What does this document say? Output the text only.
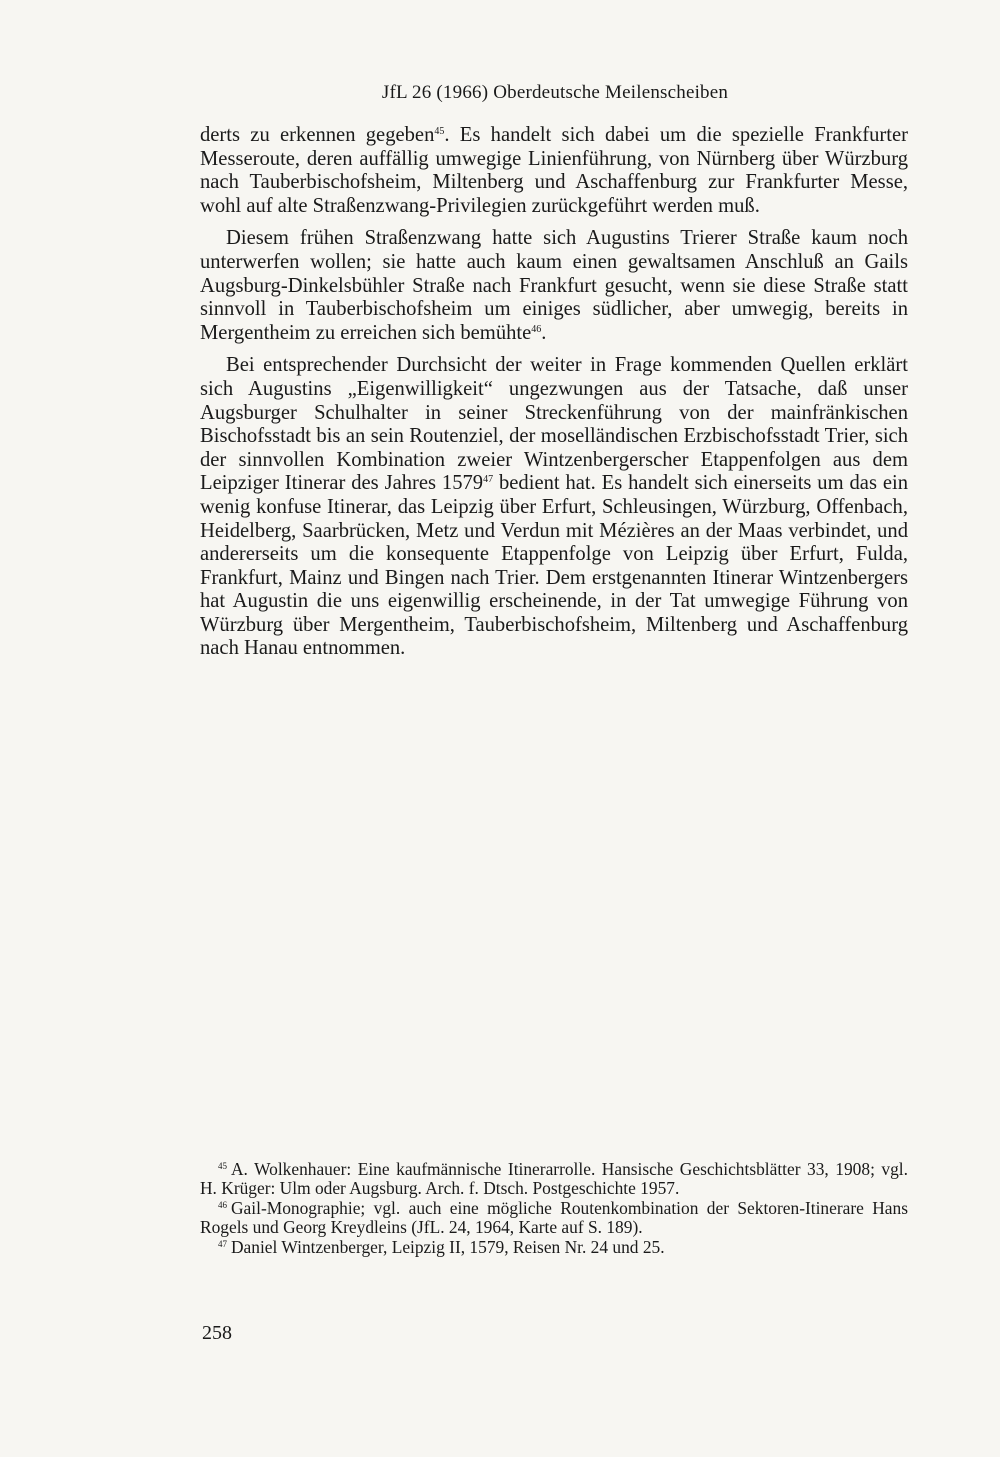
JfL 26 (1966) Oberdeutsche Meilenscheiben

derts zu erkennen gegeben$^{45}$. Es handelt sich dabei um die spezielle Frankfurter Messeroute, deren auffällig umwegige Linienführung, von Nürnberg über Würzburg nach Tauberbischofsheim, Miltenberg und Aschaffenburg zur Frankfurter Messe, wohl auf alte Straßenzwang-Privilegien zurückgeführt werden muß.

Diesem frühen Straßenzwang hatte sich Augustins Trierer Straße kaum noch unterwerfen wollen; sie hatte auch kaum einen gewaltsamen Anschluß an Gails Augsburg-Dinkelsbühler Straße nach Frankfurt gesucht, wenn sie diese Straße statt sinnvoll in Tauberbischofsheim um einiges südlicher, aber umwegig, bereits in Mergentheim zu erreichen sich bemühte$^{46}$.

Bei entsprechender Durchsicht der weiter in Frage kommenden Quellen erklärt sich Augustins „Eigenwilligkeit“ ungezwungen aus der Tatsache, daß unser Augsburger Schulhalter in seiner Streckenführung von der mainfränkischen Bischofsstadt bis an sein Routenziel, der moselländischen Erzbischofsstadt Trier, sich der sinnvollen Kombination zweier Wintzenbergerscher Etappenfolgen aus dem Leipziger Itinerar des Jahres 1579$^{47}$ bedient hat. Es handelt sich einerseits um das ein wenig konfuse Itinerar, das Leipzig über Erfurt, Schleusingen, Würzburg, Offenbach, Heidelberg, Saarbrücken, Metz und Verdun mit Mézières an der Maas verbindet, und andererseits um die konsequente Etappenfolge von Leipzig über Erfurt, Fulda, Frankfurt, Mainz und Bingen nach Trier. Dem erstgenannten Itinerar Wintzenbergers hat Augustin die uns eigenwillig erscheinende, in der Tat umwegige Führung von Würzburg über Mergentheim, Tauberbischofsheim, Miltenberg und Aschaffenburg nach Hanau entnommen.

$^{45}$ A. Wolkenhauer: Eine kaufmännische Itinerarrolle. Hansische Geschichtsblätter 33, 1908; vgl. H. Krüger: Ulm oder Augsburg. Arch. f. Dtsch. Postgeschichte 1957.

$^{46}$ Gail-Monographie; vgl. auch eine mögliche Routenkombination der Sektoren-Itinerare Hans Rogels und Georg Kreydleins (JfL. 24, 1964, Karte auf S. 189).

$^{47}$ Daniel Wintzenberger, Leipzig II, 1579, Reisen Nr. 24 und 25.

258
